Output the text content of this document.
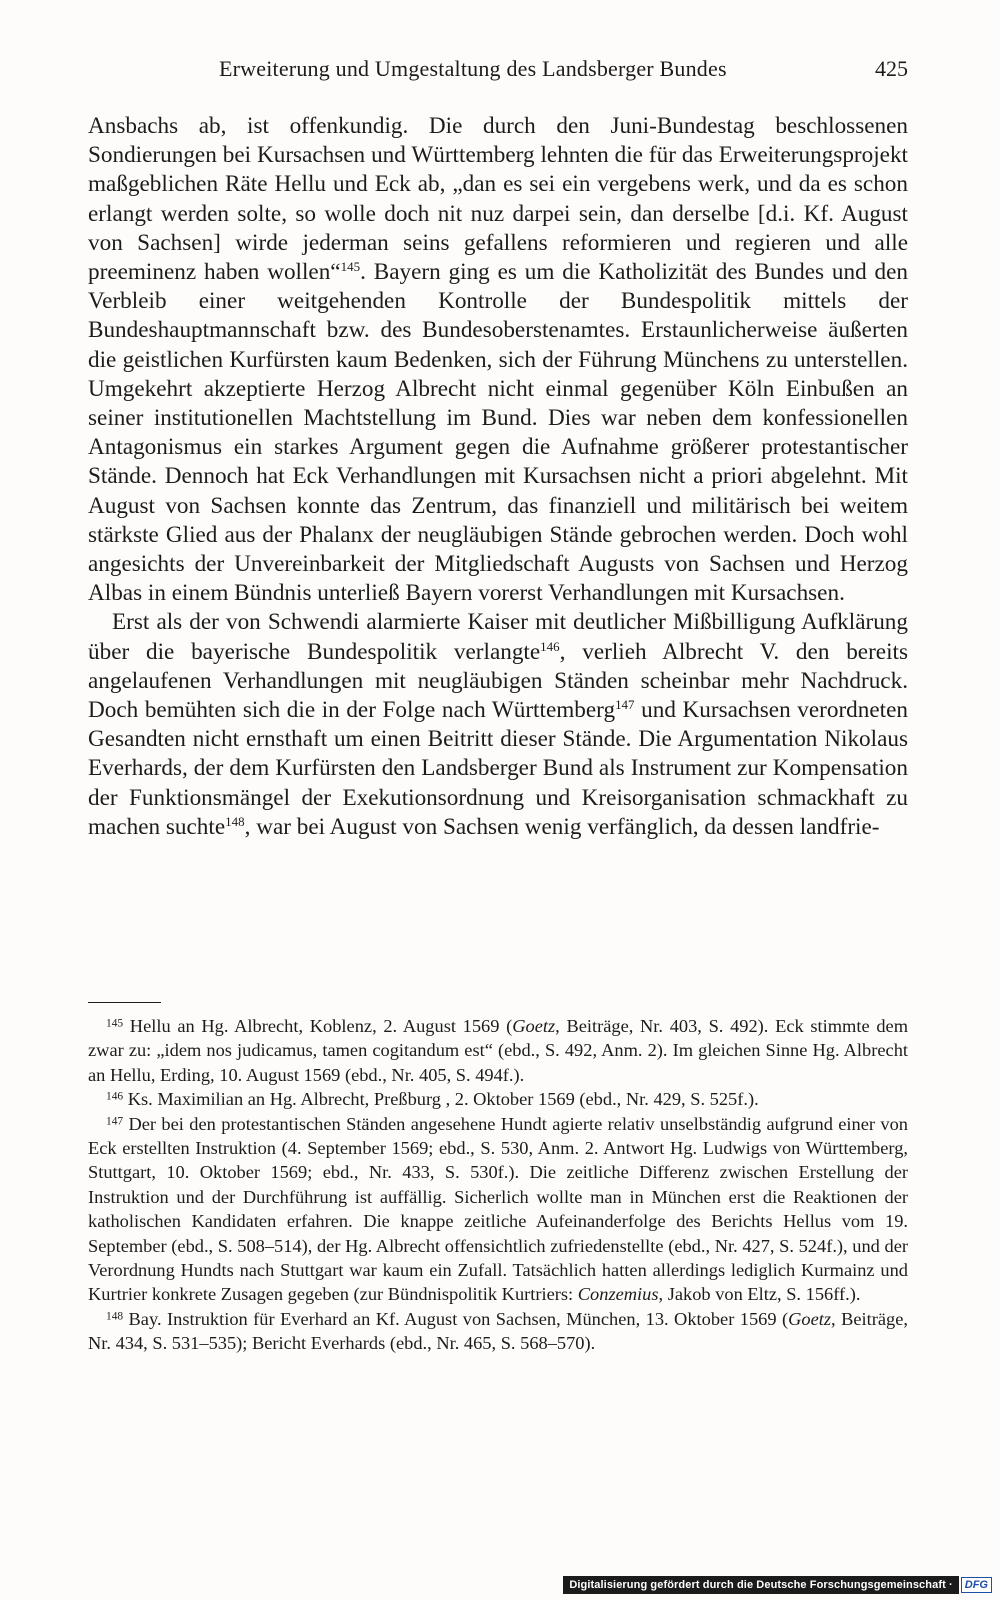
Erweiterung und Umgestaltung des Landsberger Bundes	425

Ansbachs ab, ist offenkundig. Die durch den Juni-Bundestag beschlossenen Sondierungen bei Kursachsen und Württemberg lehnten die für das Erweiterungsprojekt maßgeblichen Räte Hellu und Eck ab, „dan es sei ein vergebens werk, und da es schon erlangt werden solte, so wolle doch nit nuz darpei sein, dan derselbe [d.i. Kf. August von Sachsen] wirde jederman seins gefallens reformieren und regieren und alle preeminenz haben wollen“$^{145}$. Bayern ging es um die Katholizität des Bundes und den Verbleib einer weitgehenden Kontrolle der Bundespolitik mittels der Bundeshauptmannschaft bzw. des Bundesoberstenamtes. Erstaunlicherweise äußerten die geistlichen Kurfürsten kaum Bedenken, sich der Führung Münchens zu unterstellen. Umgekehrt akzeptierte Herzog Albrecht nicht einmal gegenüber Köln Einbußen an seiner institutionellen Machtstellung im Bund. Dies war neben dem konfessionellen Antagonismus ein starkes Argument gegen die Aufnahme größerer protestantischer Stände. Dennoch hat Eck Verhandlungen mit Kursachsen nicht a priori abgelehnt. Mit August von Sachsen konnte das Zentrum, das finanziell und militärisch bei weitem stärkste Glied aus der Phalanx der neugläubigen Stände gebrochen werden. Doch wohl angesichts der Unvereinbarkeit der Mitgliedschaft Augusts von Sachsen und Herzog Albas in einem Bündnis unterließ Bayern vorerst Verhandlungen mit Kursachsen.

Erst als der von Schwendi alarmierte Kaiser mit deutlicher Mißbilligung Aufklärung über die bayerische Bundespolitik verlangte$^{146}$, verlieh Albrecht V. den bereits angelaufenen Verhandlungen mit neugläubigen Ständen scheinbar mehr Nachdruck. Doch bemühten sich die in der Folge nach Württemberg$^{147}$ und Kursachsen verordneten Gesandten nicht ernsthaft um einen Beitritt dieser Stände. Die Argumentation Nikolaus Everhards, der dem Kurfürsten den Landsberger Bund als Instrument zur Kompensation der Funktionsmängel der Exekutionsordnung und Kreisorganisation schmackhaft zu machen suchte$^{148}$, war bei August von Sachsen wenig verfänglich, da dessen landfrie-

$^{145}$ Hellu an Hg. Albrecht, Koblenz, 2. August 1569 (Goetz, Beiträge, Nr. 403, S. 492). Eck stimmte dem zwar zu: „idem nos judicamus, tamen cogitandum est“ (ebd., S. 492, Anm. 2). Im gleichen Sinne Hg. Albrecht an Hellu, Erding, 10. August 1569 (ebd., Nr. 405, S. 494f.).

$^{146}$ Ks. Maximilian an Hg. Albrecht, Preßburg , 2. Oktober 1569 (ebd., Nr. 429, S. 525f.).

$^{147}$ Der bei den protestantischen Ständen angesehene Hundt agierte relativ unselbständig aufgrund einer von Eck erstellten Instruktion (4. September 1569; ebd., S. 530, Anm. 2. Antwort Hg. Ludwigs von Württemberg, Stuttgart, 10. Oktober 1569; ebd., Nr. 433, S. 530f.). Die zeitliche Differenz zwischen Erstellung der Instruktion und der Durchführung ist auffällig. Sicherlich wollte man in München erst die Reaktionen der katholischen Kandidaten erfahren. Die knappe zeitliche Aufeinanderfolge des Berichts Hellus vom 19. September (ebd., S. 508–514), der Hg. Albrecht offensichtlich zufriedenstellte (ebd., Nr. 427, S. 524f.), und der Verordnung Hundts nach Stuttgart war kaum ein Zufall. Tatsächlich hatten allerdings lediglich Kurmainz und Kurtrier konkrete Zusagen gegeben (zur Bündnispolitik Kurtriers: Conzemius, Jakob von Eltz, S. 156ff.).

$^{148}$ Bay. Instruktion für Everhard an Kf. August von Sachsen, München, 13. Oktober 1569 (Goetz, Beiträge, Nr. 434, S. 531–535); Bericht Everhards (ebd., Nr. 465, S. 568–570).

Digitalisierung gefördert durch die Deutsche Forschungsgemeinschaft ·	DFG
